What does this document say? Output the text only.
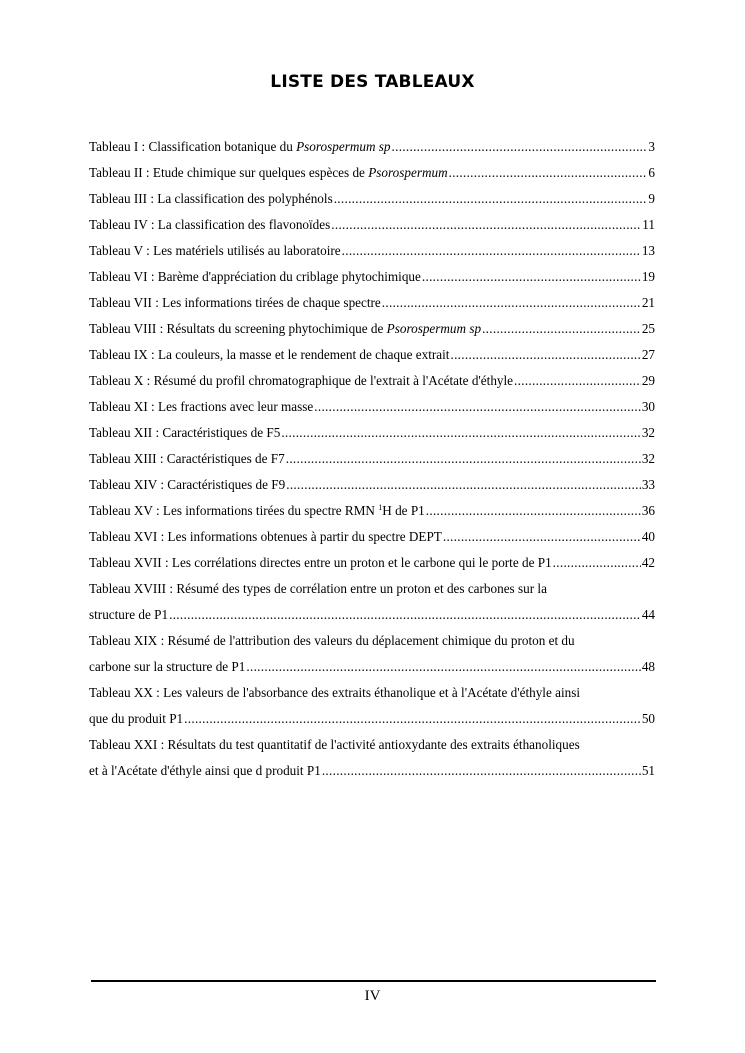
LISTE DES TABLEAUX
Tableau I : Classification botanique du Psorospermum sp .....	3
Tableau II : Etude chimique sur quelques espèces de Psorospermum .....	6
Tableau III : La classification des polyphénols .....	9
Tableau IV : La classification des flavonoïdes .....	11
Tableau V : Les matériels utilisés au laboratoire .....	13
Tableau VI : Barème d'appréciation du criblage phytochimique .....	19
Tableau VII : Les informations tirées de chaque spectre .....	21
Tableau VIII : Résultats du screening phytochimique de Psorospermum sp .....	25
Tableau IX : La couleurs, la masse et le rendement de chaque extrait .....	27
Tableau X : Résumé du profil chromatographique de l'extrait à l'Acétate d'éthyle .....	29
Tableau XI : Les fractions avec leur masse .....	30
Tableau XII : Caractéristiques de F5 .....	32
Tableau XIII : Caractéristiques de F7 .....	32
Tableau XIV : Caractéristiques de F9 .....	33
Tableau XV : Les informations tirées du spectre RMN $^1$H de P1 .....	36
Tableau XVI : Les informations obtenues à partir du spectre DEPT .....	40
Tableau XVII : Les corrélations directes entre un proton et le carbone qui le porte de P1 .....	42
Tableau XVIII : Résumé des types de corrélation entre un proton et des carbones sur la
structure de P1 .....	44
Tableau XIX : Résumé de l'attribution des valeurs du déplacement chimique du proton et du
carbone sur la structure de P1 .....	48
Tableau XX : Les valeurs de l'absorbance des extraits éthanolique et à l'Acétate d'éthyle ainsi
que du produit P1 .....	50
Tableau XXI : Résultats du test quantitatif de l'activité antioxydante des extraits éthanoliques
et à l'Acétate d'éthyle ainsi que d produit P1 .....	51
IV
